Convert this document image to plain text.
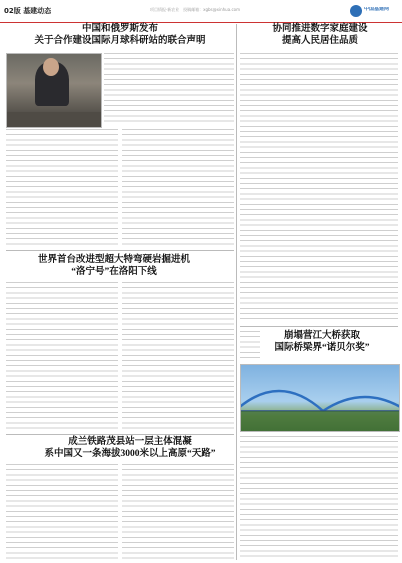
02版 基建动态	项目情报·新农业 投稿邮箱：xgbs@xinhua.com	中国基建网
中国和俄罗斯发布
关于合作建设国际月球科研站的联合声明
世界首台改进型超大特弯硬岩掘进机
“洛宁号”在洛阳下线
成兰铁路茂县站一层主体混凝
系中国又一条海拔3000米以上高原“天路”
协同推进数字家庭建设
提高人民居住品质
崩塌营江大桥获取
国际桥梁界“诺贝尔奖”
